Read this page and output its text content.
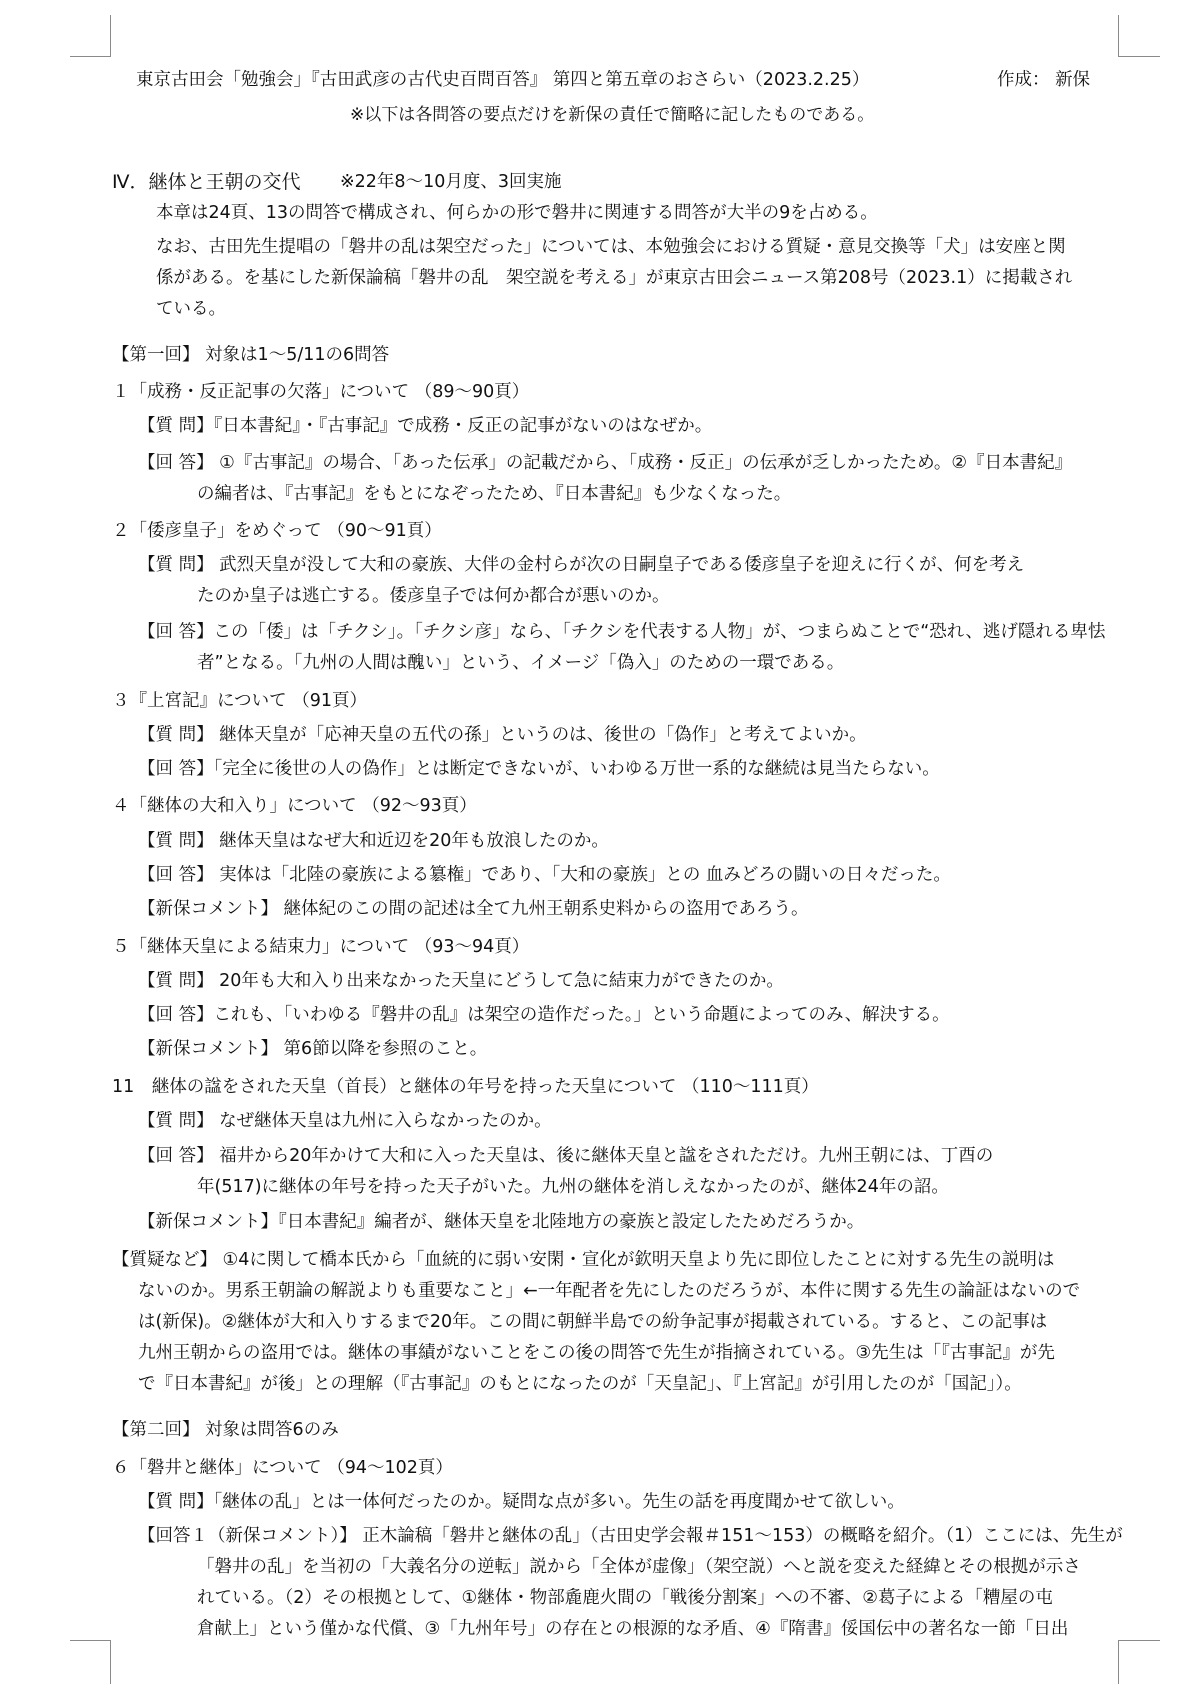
東京古田会「勉強会」『古田武彦の古代史百問百答』 第四と第五章のおさらい（2023.2.25）	作成： 新保
※以下は各問答の要点だけを新保の責任で簡略に記したものである。
Ⅳ．継体と王朝の交代 ※22年8～10月度、3回実施
本章は24頁、13の問答で構成され、何らかの形で磐井に関連する問答が大半の9を占める。
なお、古田先生提唱の「磐井の乱は架空だった」については、本勉強会における質疑・意見交換等「犬」は安座と関
係がある。を基にした新保論稿「磐井の乱　架空説を考える」が東京古田会ニュース第208号（2023.1）に掲載され
ている。
【第一回】 対象は1～5/11の6問答
１「成務・反正記事の欠落」について （89～90頁）
【質 問】『日本書紀』・『古事記』で成務・反正の記事がないのはなぜか。
【回 答】 ①『古事記』の場合、「あった伝承」の記載だから、「成務・反正」の伝承が乏しかったため。②『日本書紀』
の編者は、『古事記』をもとになぞったため、『日本書紀』も少なくなった。
２「倭彦皇子」をめぐって （90～91頁）
【質 問】 武烈天皇が没して大和の豪族、大伴の金村らが次の日嗣皇子である倭彦皇子を迎えに行くが、何を考え
たのか皇子は逃亡する。倭彦皇子では何か都合が悪いのか。
【回 答】この「倭」は「チクシ」。「チクシ彦」なら、「チクシを代表する人物」が、つまらぬことで“恐れ、逃げ隠れる卑怯
者”となる。「九州の人間は醜い」という、イメージ「偽入」のための一環である。
３『上宮記』について （91頁）
【質 問】 継体天皇が「応神天皇の五代の孫」というのは、後世の「偽作」と考えてよいか。
【回 答】「完全に後世の人の偽作」とは断定できないが、いわゆる万世一系的な継続は見当たらない。
４「継体の大和入り」について （92～93頁）
【質 問】 継体天皇はなぜ大和近辺を20年も放浪したのか。
【回 答】 実体は「北陸の豪族による簒権」であり、「大和の豪族」との 血みどろの闘いの日々だった。
【新保コメント】 継体紀のこの間の記述は全て九州王朝系史料からの盗用であろう。
５「継体天皇による結束力」について （93～94頁）
【質 問】 20年も大和入り出来なかった天皇にどうして急に結束力ができたのか。
【回 答】これも、「いわゆる『磐井の乱』は架空の造作だった。」という命題によってのみ、解決する。
【新保コメント】 第6節以降を参照のこと。
11　継体の諡をされた天皇（首長）と継体の年号を持った天皇について （110～111頁）
【質 問】 なぜ継体天皇は九州に入らなかったのか。
【回 答】 福井から20年かけて大和に入った天皇は、後に継体天皇と諡をされただけ。九州王朝には、丁酉の
年(517)に継体の年号を持った天子がいた。九州の継体を消しえなかったのが、継体24年の詔。
【新保コメント】『日本書紀』編者が、継体天皇を北陸地方の豪族と設定したためだろうか。
【質疑など】 ①4に関して橋本氏から「血統的に弱い安閑・宣化が欽明天皇より先に即位したことに対する先生の説明は
ないのか。男系王朝論の解説よりも重要なこと」←一年配者を先にしたのだろうが、本件に関する先生の論証はないので
は(新保)。②継体が大和入りするまで20年。この間に朝鮮半島での紛争記事が掲載されている。すると、この記事は
九州王朝からの盗用では。継体の事績がないことをこの後の問答で先生が指摘されている。③先生は「『古事記』が先
で『日本書紀』が後」との理解（『古事記』のもとになったのが「天皇記」、『上宮記』が引用したのが「国記」）。
【第二回】 対象は問答6のみ
６「磐井と継体」について （94～102頁）
【質 問】「継体の乱」とは一体何だったのか。疑問な点が多い。先生の話を再度聞かせて欲しい。
【回答１（新保コメント）】 正木論稿「磐井と継体の乱」（古田史学会報＃151～153）の概略を紹介。（1）ここには、先生が
「磐井の乱」を当初の「大義名分の逆転」説から「全体が虚像」（架空説）へと説を変えた経緯とその根拠が示さ
れている。（2）その根拠として、①継体・物部麁鹿火間の「戦後分割案」への不審、②葛子による「糟屋の屯
倉献上」という僅かな代償、③「九州年号」の存在との根源的な矛盾、④『隋書』俀国伝中の著名な一節「日出
